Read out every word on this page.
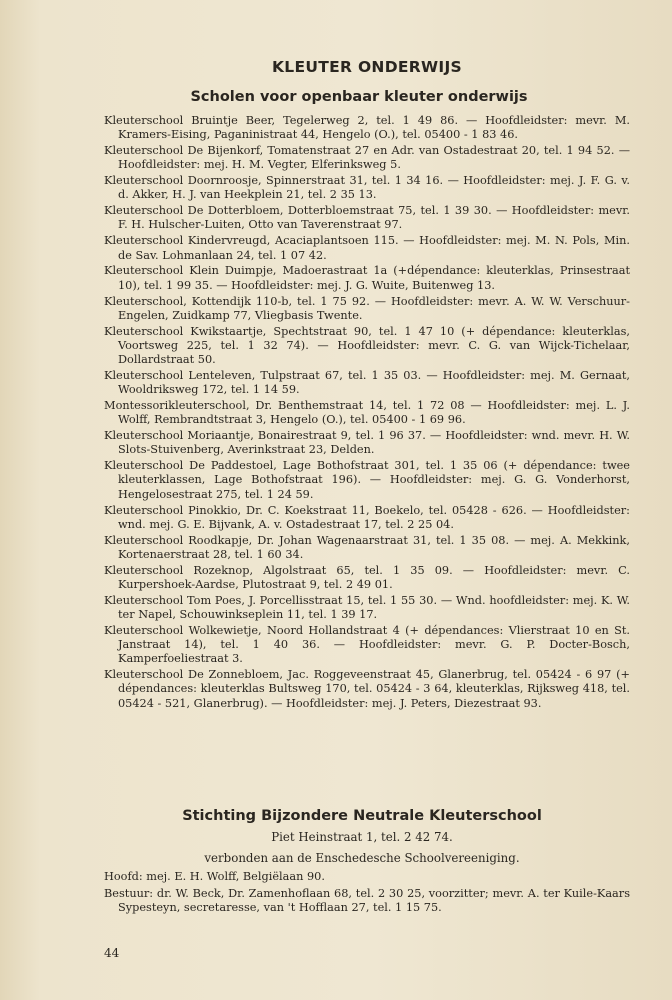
KLEUTER ONDERWIJS
Scholen voor openbaar kleuter onderwijs
Kleuterschool Bruintje Beer, Tegelerweg 2, tel. 1 49 86. — Hoofdleidster: mevr. M. Kramers-Eising, Paganinistraat 44, Hengelo (O.), tel. 05400 - 1 83 46.
Kleuterschool De Bijenkorf, Tomatenstraat 27 en Adr. van Ostadestraat 20, tel. 1 94 52. — Hoofdleidster: mej. H. M. Vegter, Elferinksweg 5.
Kleuterschool Doornroosje, Spinnerstraat 31, tel. 1 34 16. — Hoofdleidster: mej. J. F. G. v. d. Akker, H. J. van Heekplein 21, tel. 2 35 13.
Kleuterschool De Dotterbloem, Dotterbloemstraat 75, tel. 1 39 30. — Hoofdleidster: mevr. F. H. Hulscher-Luiten, Otto van Taverenstraat 97.
Kleuterschool Kindervreugd, Acaciaplantsoen 115. — Hoofdleidster: mej. M. N. Pols, Min. de Sav. Lohmanlaan 24, tel. 1 07 42.
Kleuterschool Klein Duimpje, Madoerastraat 1a (+dépendance: kleuterklas, Prinsestraat 10), tel. 1 99 35. — Hoofdleidster: mej. J. G. Wuite, Buitenweg 13.
Kleuterschool, Kottendijk 110-b, tel. 1 75 92. — Hoofdleidster: mevr. A. W. W. Verschuur-Engelen, Zuidkamp 77, Vliegbasis Twente.
Kleuterschool Kwikstaartje, Spechtstraat 90, tel. 1 47 10 (+ dépendance: kleuterklas, Voortsweg 225, tel. 1 32 74). — Hoofdleidster: mevr. C. G. van Wijck-Tichelaar, Dollardstraat 50.
Kleuterschool Lenteleven, Tulpstraat 67, tel. 1 35 03. — Hoofdleidster: mej. M. Gernaat, Wooldriksweg 172, tel. 1 14 59.
Montessorikleuterschool, Dr. Benthemstraat 14, tel. 1 72 08 — Hoofdleidster: mej. L. J. Wolff, Rembrandtstraat 3, Hengelo (O.), tel. 05400 - 1 69 96.
Kleuterschool Moriaantje, Bonairestraat 9, tel. 1 96 37. — Hoofdleidster: wnd. mevr. H. W. Slots-Stuivenberg, Averinkstraat 23, Delden.
Kleuterschool De Paddestoel, Lage Bothofstraat 301, tel. 1 35 06 (+ dépendance: twee kleuterklassen, Lage Bothofstraat 196). — Hoofdleidster: mej. G. G. Vonderhorst, Hengelosestraat 275, tel. 1 24 59.
Kleuterschool Pinokkio, Dr. C. Koekstraat 11, Boekelo, tel. 05428 - 626. — Hoofdleidster: wnd. mej. G. E. Bijvank, A. v. Ostadestraat 17, tel. 2 25 04.
Kleuterschool Roodkapje, Dr. Johan Wagenaarstraat 31, tel. 1 35 08. — mej. A. Mekkink, Kortenaerstraat 28, tel. 1 60 34.
Kleuterschool Rozeknop, Algolstraat 65, tel. 1 35 09. — Hoofdleidster: mevr. C. Kurpershoek-Aardse, Plutostraat 9, tel. 2 49 01.
Kleuterschool Tom Poes, J. Porcellisstraat 15, tel. 1 55 30. — Wnd. hoofdleidster: mej. K. W. ter Napel, Schouwinkseplein 11, tel. 1 39 17.
Kleuterschool Wolkewietje, Noord Hollandstraat 4 (+ dépendances: Vlierstraat 10 en St. Janstraat 14), tel. 1 40 36. — Hoofdleidster: mevr. G. P. Docter-Bosch, Kamperfoeliestraat 3.
Kleuterschool De Zonnebloem, Jac. Roggeveenstraat 45, Glanerbrug, tel. 05424 - 6 97 (+ dépendances: kleuterklas Bultsweg 170, tel. 05424 - 3 64, kleuterklas, Rijksweg 418, tel. 05424 - 521, Glanerbrug). — Hoofdleidster: mej. J. Peters, Diezestraat 93.
Stichting Bijzondere Neutrale Kleuterschool
Piet Heinstraat 1, tel. 2 42 74.
verbonden aan de Enschedesche Schoolvereeniging.
Hoofd: mej. E. H. Wolff, Belgiëlaan 90.
Bestuur: dr. W. Beck, Dr. Zamenhoflaan 68, tel. 2 30 25, voorzitter; mevr. A. ter Kuile-Kaars Sypesteyn, secretaresse, van 't Hofflaan 27, tel. 1 15 75.
44
